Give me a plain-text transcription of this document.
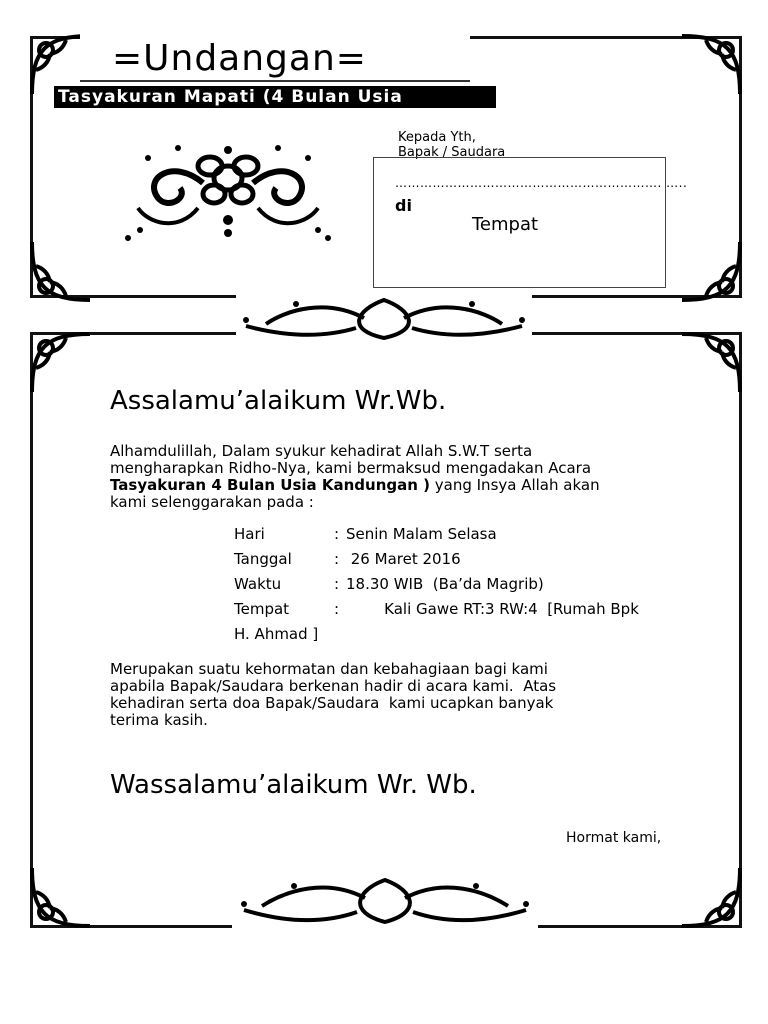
=Undangan=
Tasyakuran Mapati (4 Bulan Usia
Kepada Yth,
Bapak / Saudara
………………………………………………………. …..
di
Tempat
Assalamu’alaikum Wr.Wb.
Alhamdulillah, Dalam syukur kehadirat Allah S.W.T serta
mengharapkan Ridho-Nya, kami bermaksud mengadakan Acara
Tasyakuran 4 Bulan Usia Kandungan ) yang Insya Allah akan
kami selenggarakan pada :
Hari	: Senin Malam Selasa
Tanggal	: 26 Maret 2016
Waktu	: 18.30 WIB  (Ba’da Magrib)
Tempat	: Kali Gawe RT:3 RW:4  [Rumah Bpk
H. Ahmad ]
Merupakan suatu kehormatan dan kebahagiaan bagi kami
apabila Bapak/Saudara berkenan hadir di acara kami.  Atas
kehadiran serta doa Bapak/Saudara  kami ucapkan banyak
terima kasih.
Wassalamu’alaikum Wr. Wb.
Hormat kami,
